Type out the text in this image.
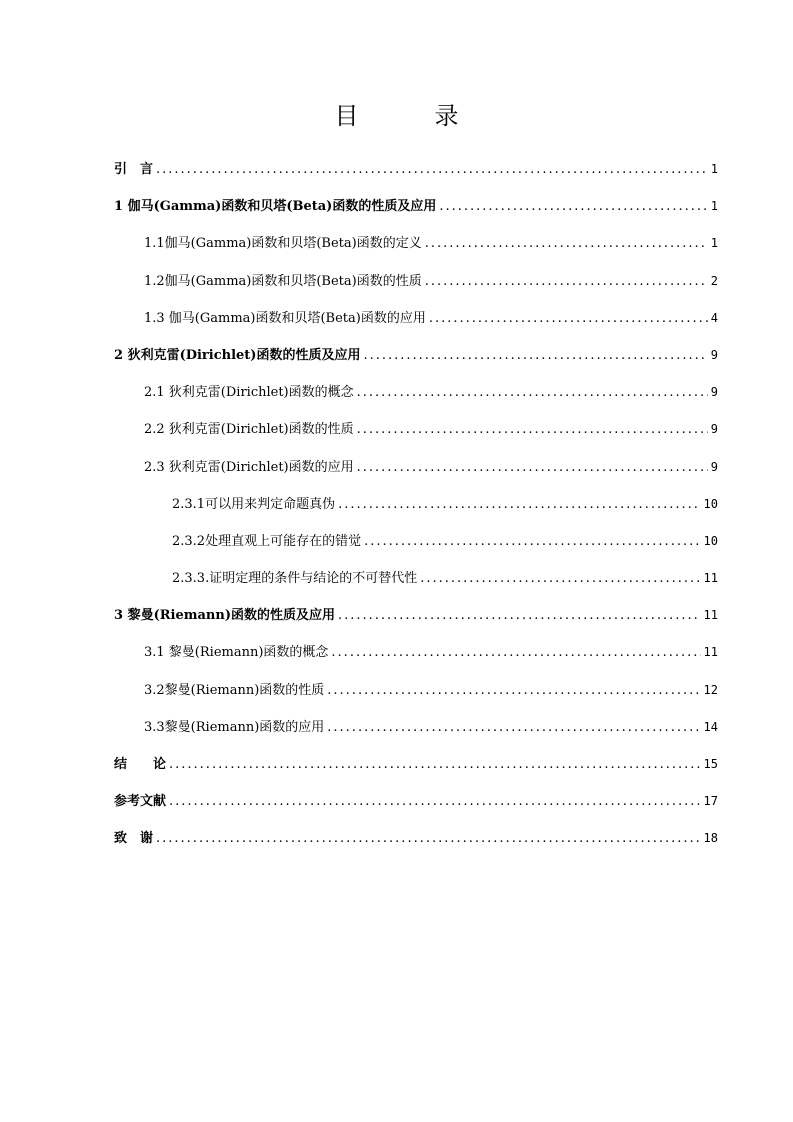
目　录
引　言 .....	1
1 伽马(Gamma)函数和贝塔(Beta)函数的性质及应用 .....	1
1.1伽马(Gamma)函数和贝塔(Beta)函数的定义 .....	1
1.2伽马(Gamma)函数和贝塔(Beta)函数的性质 .....	2
1.3 伽马(Gamma)函数和贝塔(Beta)函数的应用 .....	4
2 狄利克雷(Dirichlet)函数的性质及应用 .....	9
2.1 狄利克雷(Dirichlet)函数的概念 .....	9
2.2 狄利克雷(Dirichlet)函数的性质 .....	9
2.3 狄利克雷(Dirichlet)函数的应用 .....	9
2.3.1可以用来判定命题真伪 .....	10
2.3.2处理直观上可能存在的错觉 .....	10
2.3.3.证明定理的条件与结论的不可替代性 .....	11
3 黎曼(Riemann)函数的性质及应用 .....	11
3.1 黎曼(Riemann)函数的概念 .....	11
3.2黎曼(Riemann)函数的性质 .....	12
3.3黎曼(Riemann)函数的应用 .....	14
结　　论 .....	15
参考文献 .....	17
致　谢 .....	18
